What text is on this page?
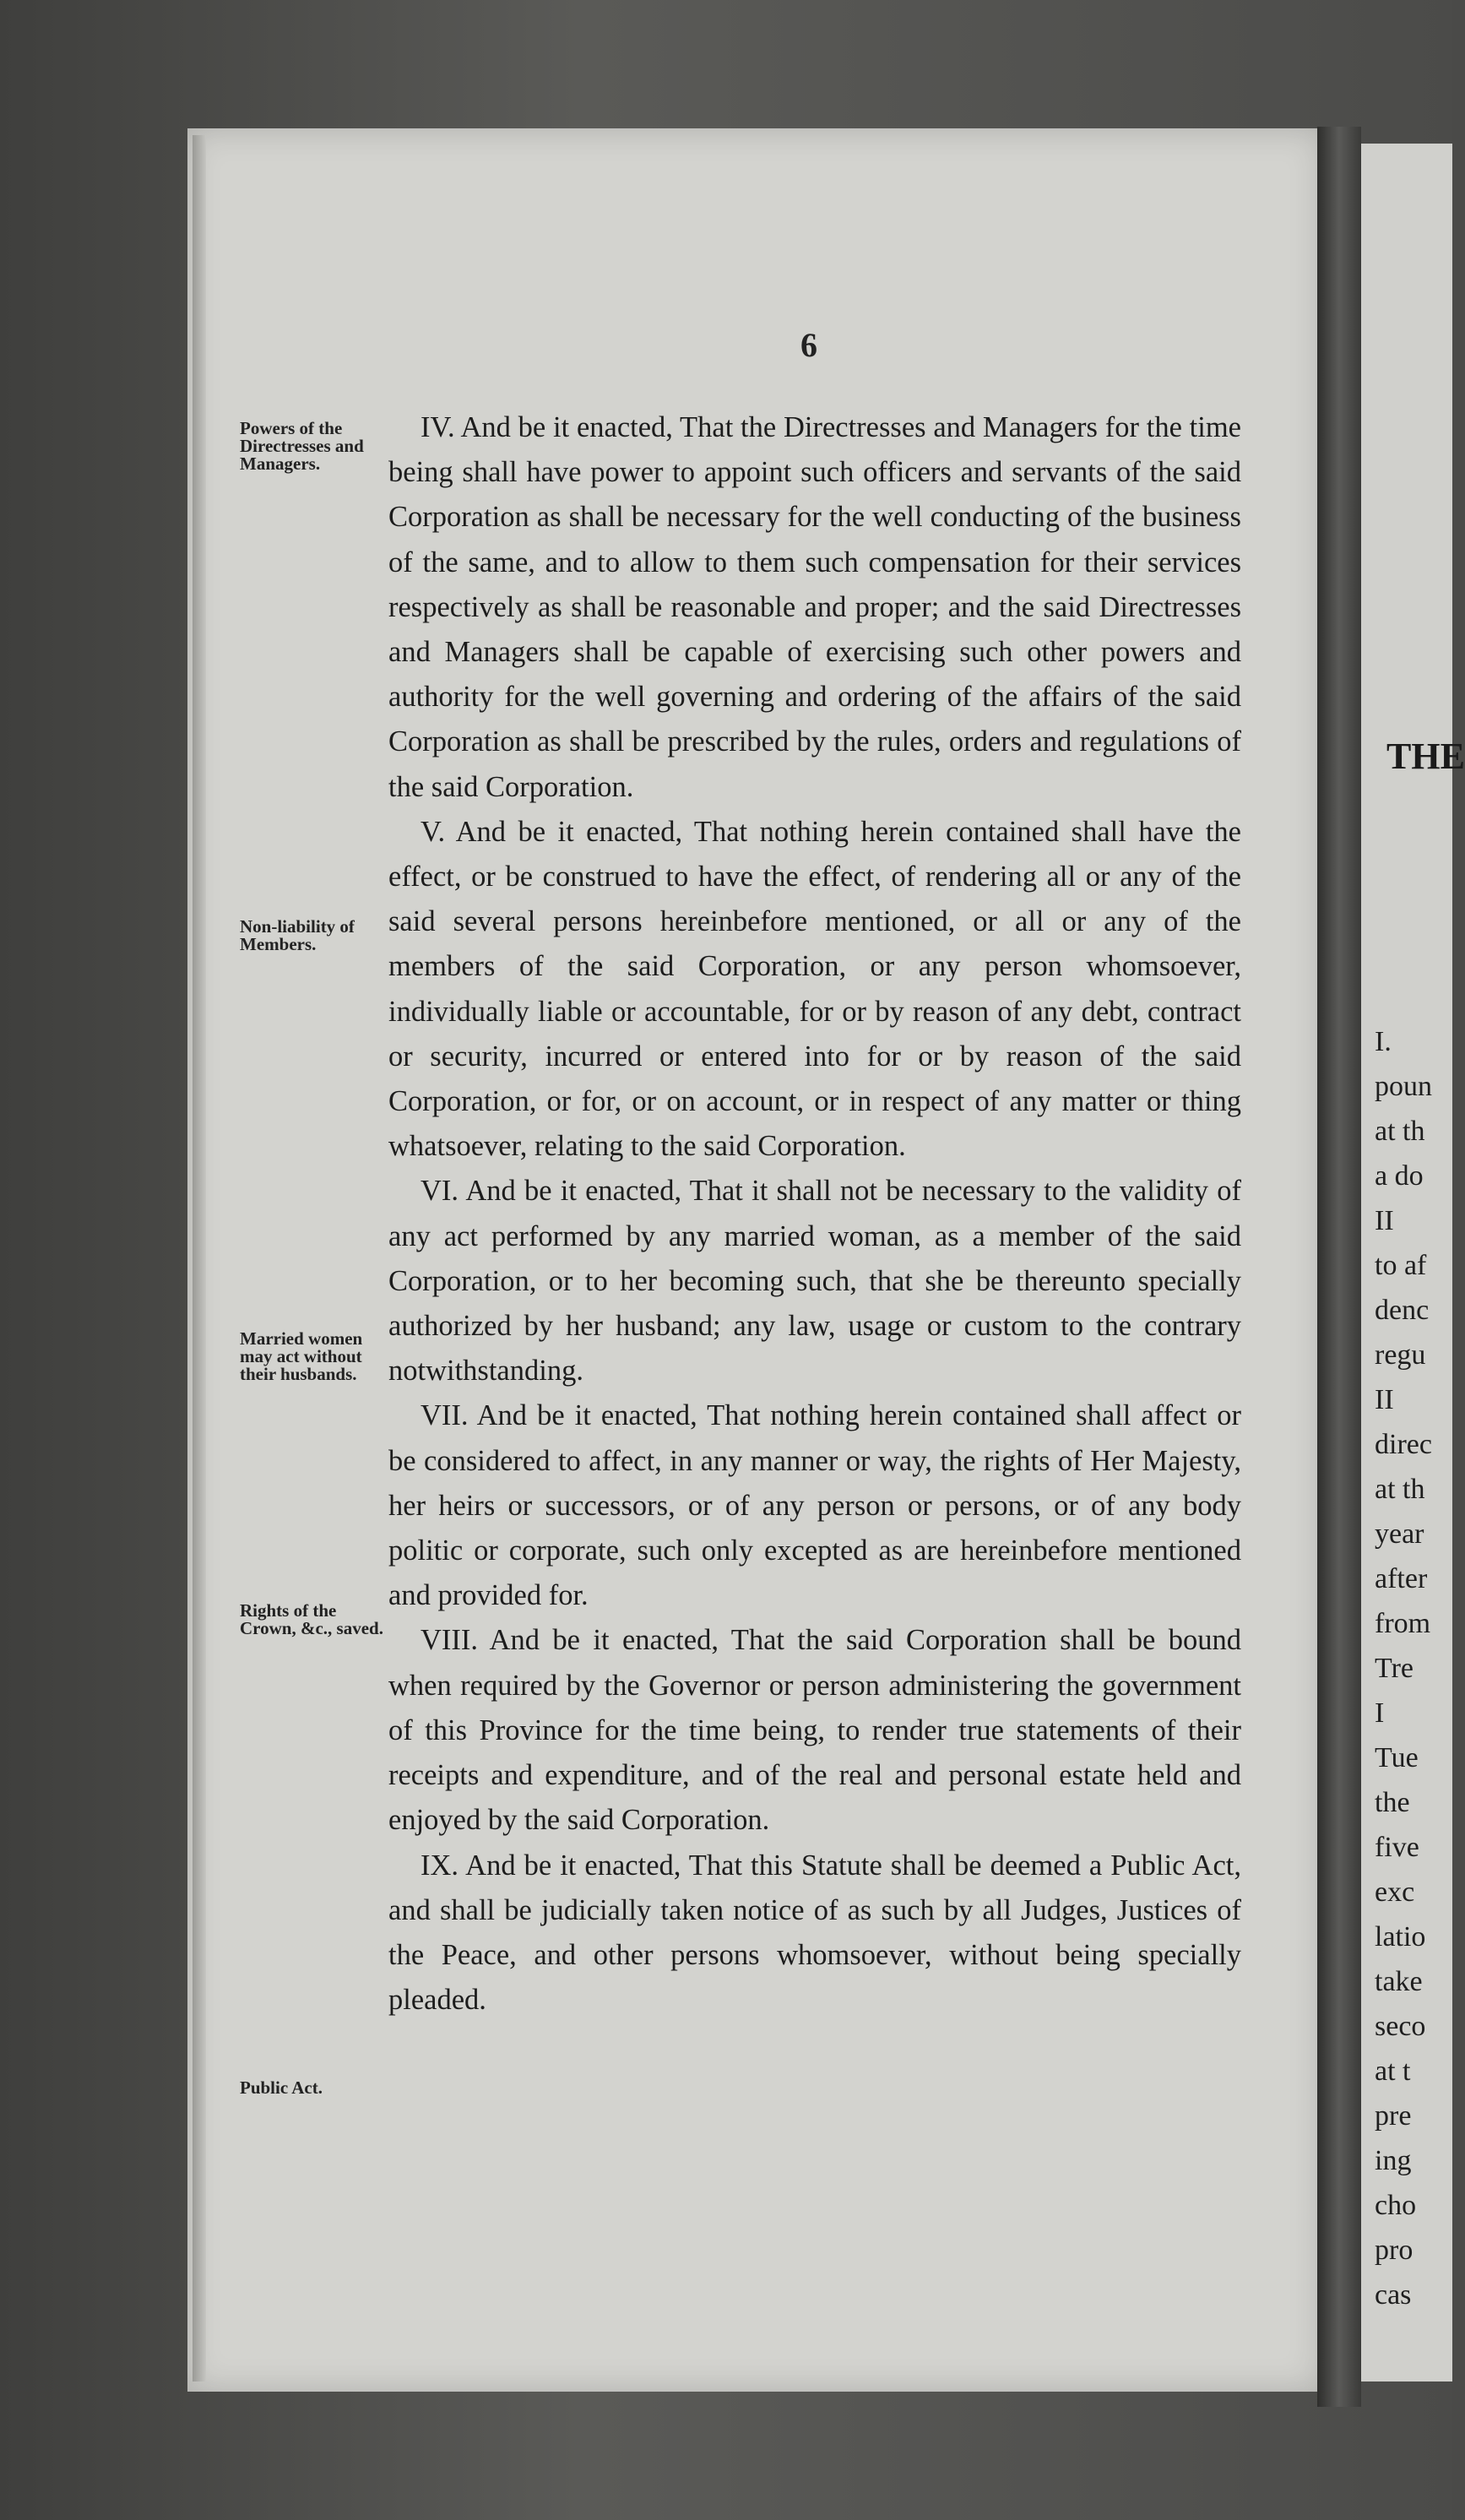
THE
I.
poun
at th
a do
II
to af
denc
regu
II
direc
at th
year
after
from
Tre
I
Tue
the
five
exc
latio
take
seco
at t
pre
ing
cho
pro
cas
6
Powers of the Directresses and Managers.
Non-liability of Members.
Married women may act without their husbands.
Rights of the Crown, &c., saved.
Public Act.

IV. And be it enacted, That the Directresses and Managers for the time being shall have power to appoint such officers and servants of the said Corporation as shall be necessary for the well conducting of the business of the same, and to allow to them such compensation for their services respectively as shall be reasonable and proper; and the said Directresses and Managers shall be capable of exercising such other powers and authority for the well governing and ordering of the affairs of the said Corporation as shall be prescribed by the rules, orders and regulations of the said Corporation.

V. And be it enacted, That nothing herein contained shall have the effect, or be construed to have the effect, of rendering all or any of the said several persons hereinbefore mentioned, or all or any of the members of the said Corporation, or any person whomsoever, individually liable or accountable, for or by reason of any debt, contract or security, incurred or entered into for or by reason of the said Corporation, or for, or on account, or in respect of any matter or thing whatsoever, relating to the said Corporation.

VI. And be it enacted, That it shall not be necessary to the validity of any act performed by any married woman, as a member of the said Corporation, or to her becoming such, that she be thereunto specially authorized by her husband; any law, usage or custom to the contrary notwithstanding.

VII. And be it enacted, That nothing herein contained shall affect or be considered to affect, in any manner or way, the rights of Her Majesty, her heirs or successors, or of any person or persons, or of any body politic or corporate, such only excepted as are hereinbefore mentioned and provided for.

VIII. And be it enacted, That the said Corporation shall be bound when required by the Governor or person administering the government of this Province for the time being, to render true statements of their receipts and expenditure, and of the real and personal estate held and enjoyed by the said Corporation.

IX. And be it enacted, That this Statute shall be deemed a Public Act, and shall be judicially taken notice of as such by all Judges, Justices of the Peace, and other persons whomsoever, without being specially pleaded.
